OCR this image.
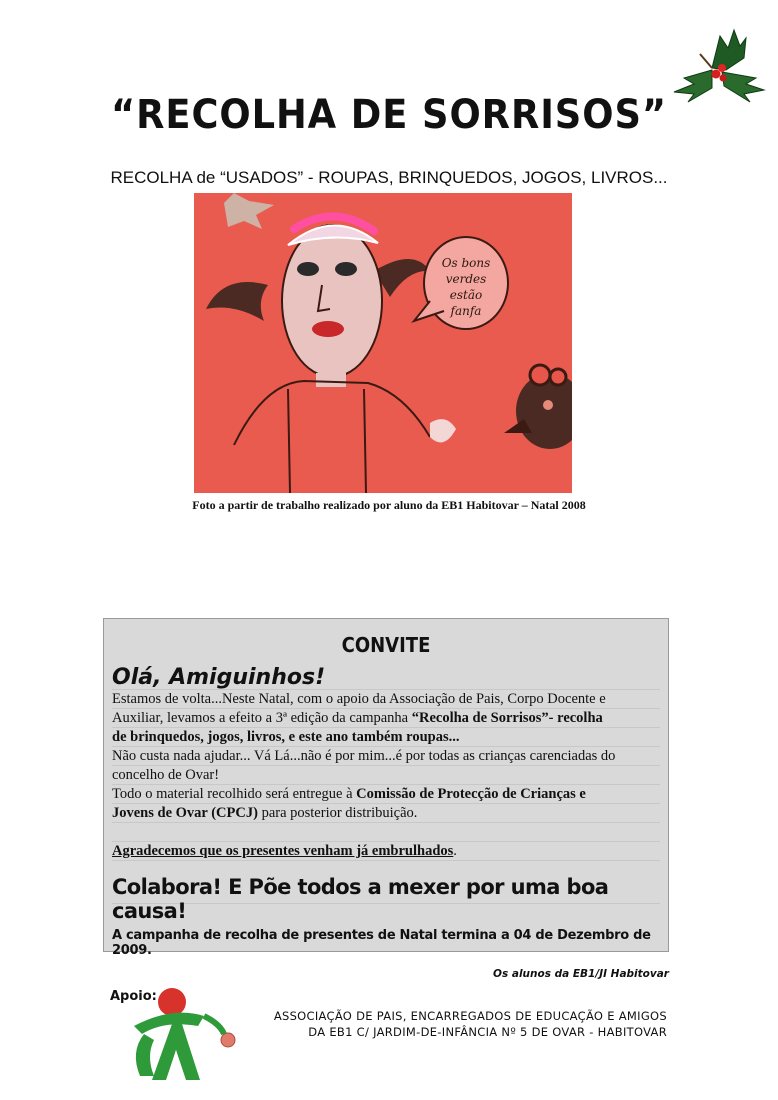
“RECOLHA DE SORRISOS”
RECOLHA de “USADOS” - ROUPAS, BRINQUEDOS, JOGOS, LIVROS...
Os bons
verdes
estão
fanfa
Foto a partir de trabalho realizado por aluno da EB1 Habitovar – Natal 2008
CONVITE
Olá, Amiguinhos!
Estamos de volta...Neste Natal, com o apoio da Associação de Pais, Corpo Docente e
Auxiliar, levamos a efeito a 3ª edição da campanha “Recolha de Sorrisos”- recolha
de brinquedos, jogos, livros, e este ano também roupas...
Não custa nada ajudar... Vá Lá...não é por mim...é por todas as crianças carenciadas do
concelho de Ovar!
Todo o material recolhido será entregue à Comissão de Protecção de Crianças e
Jovens de Ovar (CPCJ) para posterior distribuição.
Agradecemos que os presentes venham já embrulhados.
Colabora! E Põe todos a mexer por uma boa causa!
A campanha de recolha de presentes de Natal termina a 04 de Dezembro de 2009.
Os alunos da EB1/JI Habitovar
Apoio:
ASSOCIAÇÃO DE PAIS, ENCARREGADOS DE EDUCAÇÃO E AMIGOS
DA EB1 C/ JARDIM-DE-INFÂNCIA Nº 5 DE OVAR - HABITOVAR
